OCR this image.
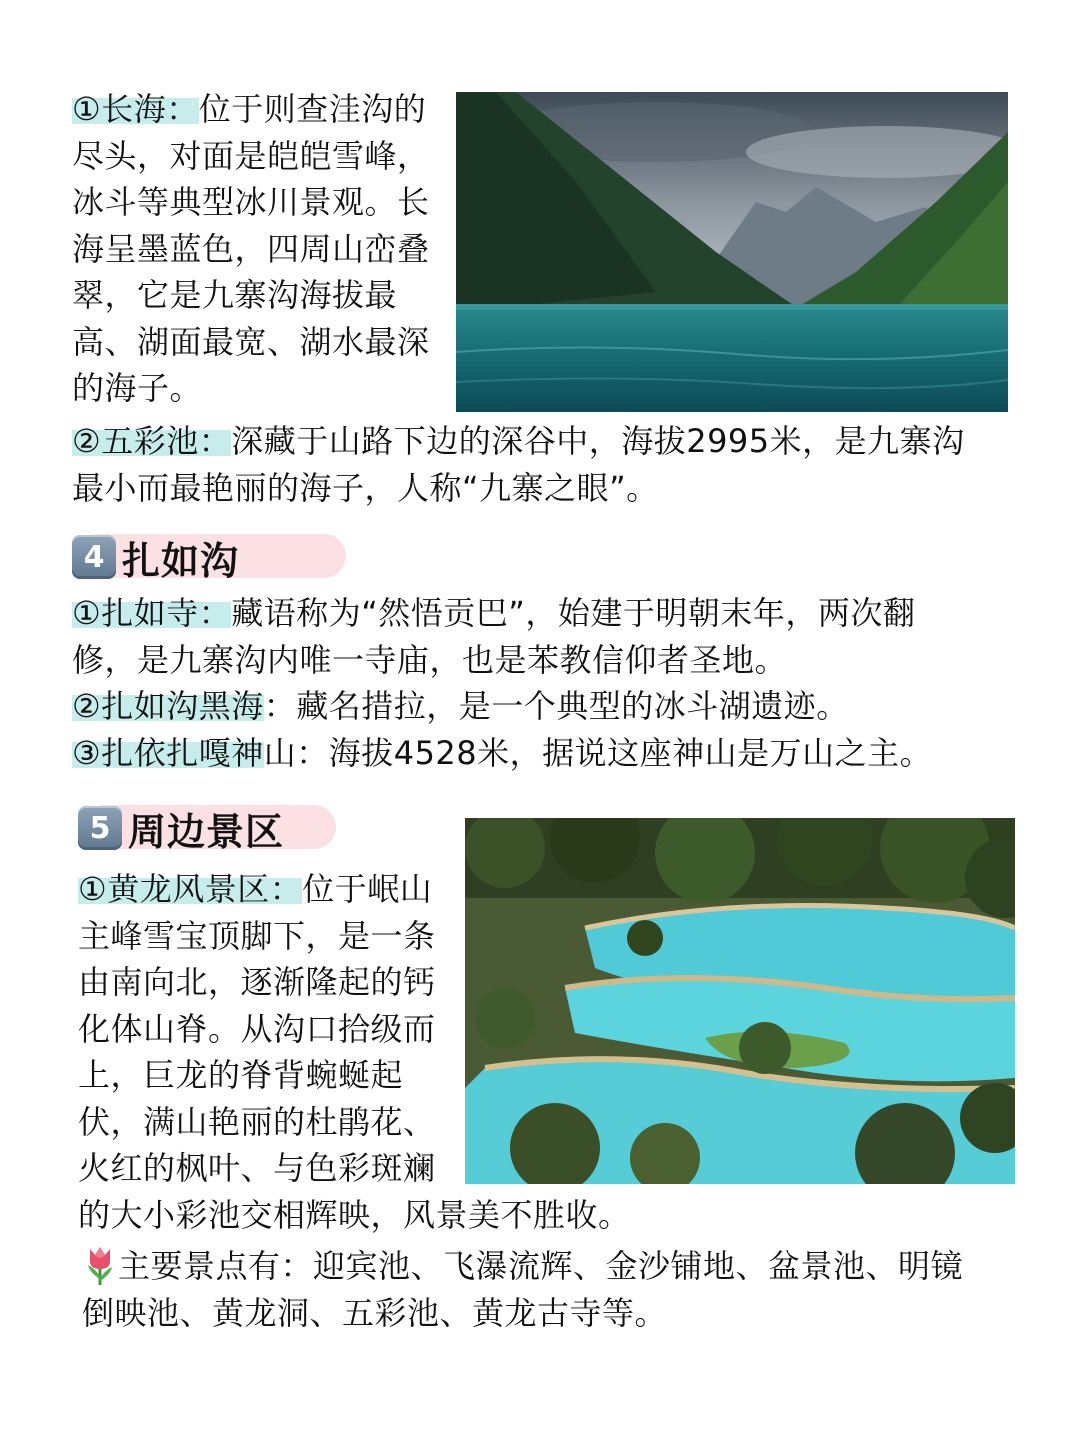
①长海：位于则查洼沟的
尽头，对面是皑皑雪峰，
冰斗等典型冰川景观。长
海呈墨蓝色，四周山峦叠
翠，它是九寨沟海拔最
高、湖面最宽、湖水最深
的海子。
②五彩池：深藏于山路下边的深谷中，海拔2995米，是九寨沟
最小而最艳丽的海子，人称“九寨之眼”。
4 扎如沟
①扎如寺：藏语称为“然悟贡巴”，始建于明朝末年，两次翻
修，是九寨沟内唯一寺庙，也是苯教信仰者圣地。
②扎如沟黑海：藏名措拉，是一个典型的冰斗湖遗迹。
③扎依扎嘎神山：海拔4528米，据说这座神山是万山之主。
5 周边景区
①黄龙风景区：位于岷山
主峰雪宝顶脚下，是一条
由南向北，逐渐隆起的钙
化体山脊。从沟口拾级而
上，巨龙的脊背蜿蜒起
伏，满山艳丽的杜鹃花、
火红的枫叶、与色彩斑斓
的大小彩池交相辉映，风景美不胜收。
主要景点有：迎宾池、飞瀑流辉、金沙铺地、盆景池、明镜
倒映池、黄龙洞、五彩池、黄龙古寺等。
